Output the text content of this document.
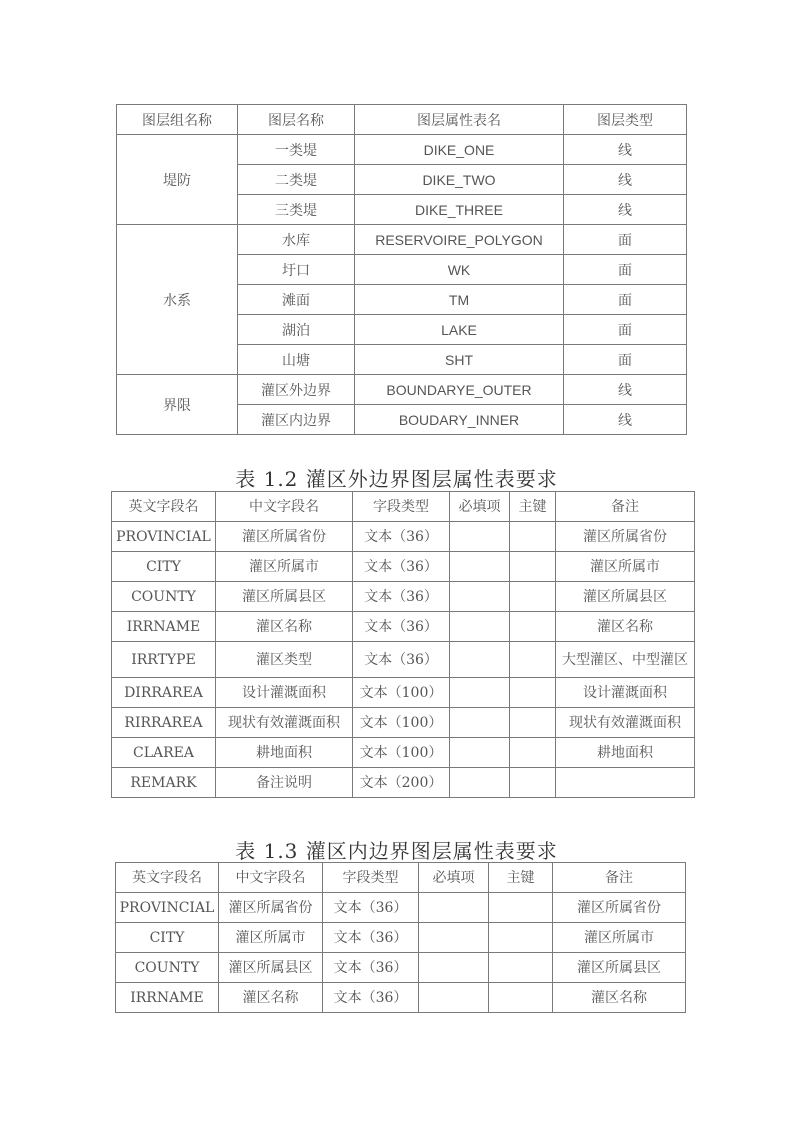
图层组名称	图层名称	图层属性表名	图层类型
堤防	一类堤	DIKE_ONE	线
	二类堤	DIKE_TWO	线
	三类堤	DIKE_THREE	线
水系	水库	RESERVOIRE_POLYGON	面
	圩口	WK	面
	滩面	TM	面
	湖泊	LAKE	面
	山塘	SHT	面
界限	灌区外边界	BOUNDARYE_OUTER	线
	灌区内边界	BOUDARY_INNER	线
表 1.2 灌区外边界图层属性表要求
英文字段名	中文字段名	字段类型	必填项	主键	备注
PROVINCIAL	灌区所属省份	文本（36）			灌区所属省份
CITY	灌区所属市	文本（36）			灌区所属市
COUNTY	灌区所属县区	文本（36）			灌区所属县区
IRRNAME	灌区名称	文本（36）			灌区名称
IRRTYPE	灌区类型	文本（36）			大型灌区、中型灌区
DIRRAREA	设计灌溉面积	文本（100）			设计灌溉面积
RIRRAREA	现状有效灌溉面积	文本（100）			现状有效灌溉面积
CLAREA	耕地面积	文本（100）			耕地面积
REMARK	备注说明	文本（200）			
表 1.3 灌区内边界图层属性表要求
英文字段名	中文字段名	字段类型	必填项	主键	备注
PROVINCIAL	灌区所属省份	文本（36）			灌区所属省份
CITY	灌区所属市	文本（36）			灌区所属市
COUNTY	灌区所属县区	文本（36）			灌区所属县区
IRRNAME	灌区名称	文本（36）			灌区名称
